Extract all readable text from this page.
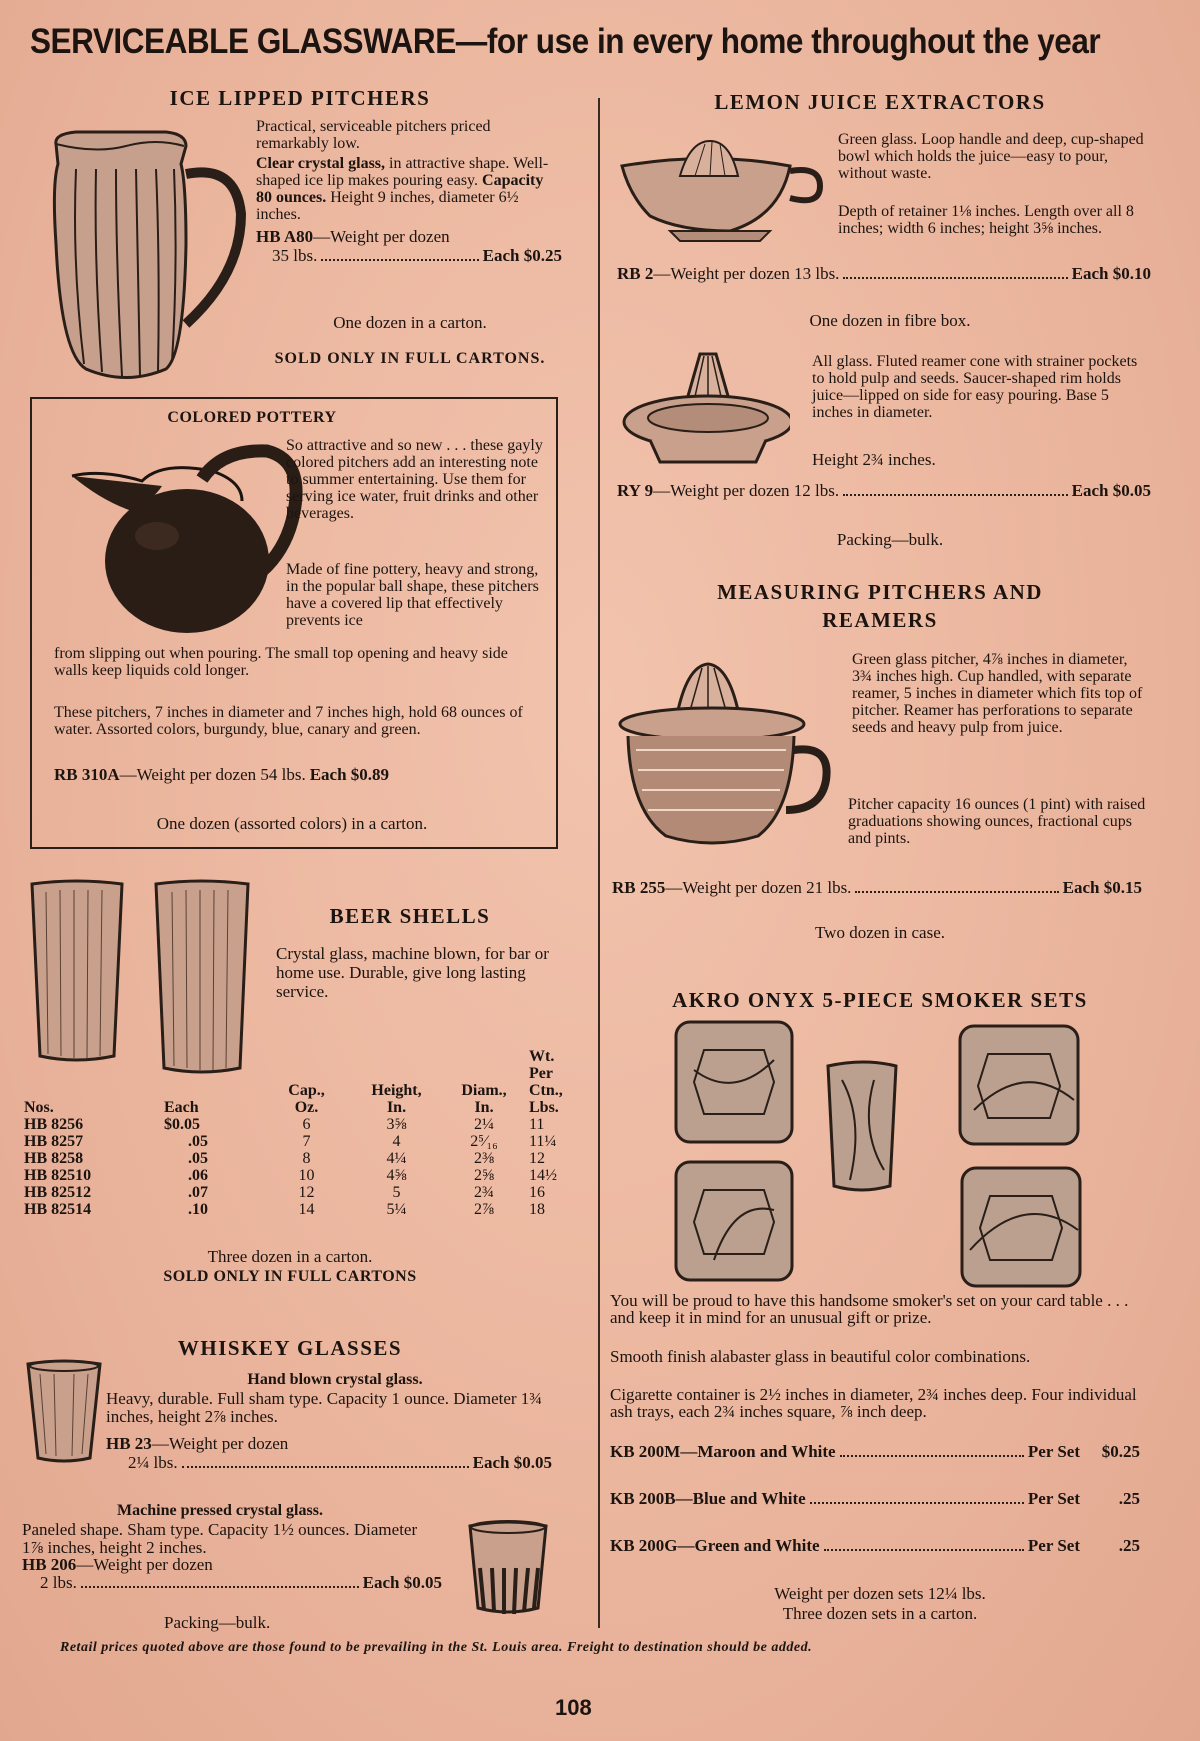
SERVICEABLE GLASSWARE—for use in every home throughout the year
ICE LIPPED PITCHERS
Practical, serviceable pitchers priced remarkably low.
Clear crystal glass, in attractive shape. Well-shaped ice lip makes pouring easy. Capacity 80 ounces. Height 9 inches, diameter 6½ inches.
HB A80—Weight per dozen
35 lbs.	Each $0.25
One dozen in a carton.
SOLD ONLY IN FULL CARTONS.
COLORED POTTERY
So attractive and so new . . . these gayly colored pitchers add an interesting note to summer entertaining. Use them for serving ice water, fruit drinks and other beverages.
Made of fine pottery, heavy and strong, in the popular ball shape, these pitchers have a covered lip that effectively prevents ice
from slipping out when pouring. The small top opening and heavy side walls keep liquids cold longer.
These pitchers, 7 inches in diameter and 7 inches high, hold 68 ounces of water. Assorted colors, burgundy, blue, canary and green.
RB 310A—Weight per dozen 54 lbs. Each $0.89
One dozen (assorted colors) in a carton.
BEER SHELLS
Crystal glass, machine blown, for bar or home use. Durable, give long lasting service.
					Wt.
					Per
		Cap.,	Height,	Diam.,	Ctn.,
Nos.	Each	Oz.	In.	In.	Lbs.
HB 8256	$0.05	6	3⅝	2¼	11
HB 8257	.05	7	4	2⁵⁄₁₆	11¼
HB 8258	.05	8	4¼	2⅜	12
HB 82510	.06	10	4⅝	2⅝	14½
HB 82512	.07	12	5	2¾	16
HB 82514	.10	14	5¼	2⅞	18
Three dozen in a carton.
SOLD ONLY IN FULL CARTONS
WHISKEY GLASSES
Hand blown crystal glass.
Heavy, durable. Full sham type. Capacity 1 ounce. Diameter 1¾ inches, height 2⅞ inches.
HB 23—Weight per dozen
2¼ lbs.	Each $0.05
Machine pressed crystal glass.
Paneled shape. Sham type. Capacity 1½ ounces. Diameter 1⅞ inches, height 2 inches.
HB 206—Weight per dozen
2 lbs.	Each $0.05
Packing—bulk.
LEMON JUICE EXTRACTORS
Green glass. Loop handle and deep, cup-shaped bowl which holds the juice—easy to pour, without waste.
Depth of retainer 1⅛ inches. Length over all 8 inches; width 6 inches; height 3⅝ inches.
RB 2—Weight per dozen 13 lbs.	Each $0.10
One dozen in fibre box.
All glass. Fluted reamer cone with strainer pockets to hold pulp and seeds. Saucer-shaped rim holds juice—lipped on side for easy pouring. Base 5 inches in diameter.
Height 2¾ inches.
RY 9—Weight per dozen 12 lbs.	Each $0.05
Packing—bulk.
MEASURING PITCHERS AND
REAMERS
Green glass pitcher, 4⅞ inches in diameter, 3¾ inches high. Cup handled, with separate reamer, 5 inches in diameter which fits top of pitcher. Reamer has perforations to separate seeds and heavy pulp from juice.
Pitcher capacity 16 ounces (1 pint) with raised graduations showing ounces, fractional cups and pints.
RB 255—Weight per dozen 21 lbs.	Each $0.15
Two dozen in case.
AKRO ONYX 5-PIECE SMOKER SETS
You will be proud to have this handsome smoker's set on your card table . . . and keep it in mind for an unusual gift or prize.
Smooth finish alabaster glass in beautiful color combinations.
Cigarette container is 2½ inches in diameter, 2¾ inches deep. Four individual ash trays, each 2¾ inches square, ⅞ inch deep.
KB 200M—Maroon and White	Per Set	$0.25
KB 200B—Blue and White	Per Set	.25
KB 200G—Green and White	Per Set	.25
Weight per dozen sets 12¼ lbs.
Three dozen sets in a carton.
Retail prices quoted above are those found to be prevailing in the St. Louis area. Freight to destination should be added.
108
